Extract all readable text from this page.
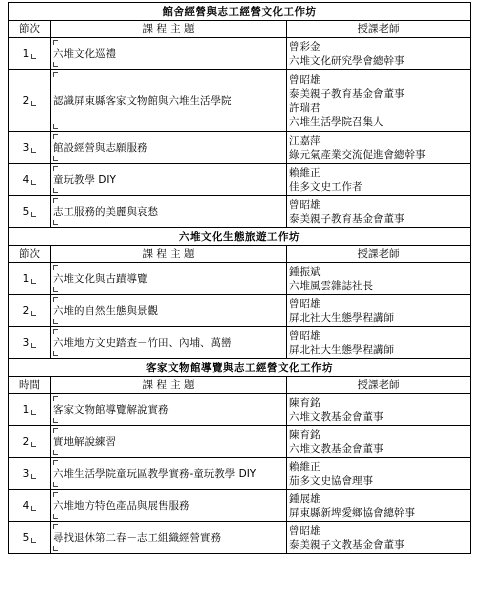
館舍經營與志工經營文化工作坊		
節次	課 程 主 題	授課老師
1	六堆文化巡禮	曾彩金
六堆文化研究學會總幹事

2	認識屏東縣客家文物館與六堆生活學院	曾昭雄
泰美親子教育基金會董事
許瑞君
六堆生活學院召集人

3	館設經營與志願服務	江嘉萍
綠元氣產業交流促進會總幹事

4	童玩教學 DIY	賴維正
佳多文史工作者

5	志工服務的美麗與哀愁	曾昭雄
泰美親子教育基金會董事

六堆文化生態旅遊工作坊		
節次	課 程 主 題	授課老師
1	六堆文化與古蹟導覽	鍾振斌
六堆風雲雜誌社長

2	六堆的自然生態與景觀	曾昭雄
屏北社大生態學程講師

3	六堆地方文史踏查－竹田、內埔、萬巒	曾昭雄
屏北社大生態學程講師

客家文物館導覽與志工經營文化工作坊		
時間	課 程 主 題	授課老師
1	客家文物館導覽解說實務	陳育銘
六堆文教基金會董事

2	實地解說練習	陳育銘
六堆文教基金會董事

3	六堆生活學院童玩區教學實務-童玩教學 DIY	賴維正
茄多文史協會理事

4	六堆地方特色產品與展售服務	鍾展雄
屏東縣新埤愛鄉協會總幹事

5	尋找退休第二春－志工組織經營實務	曾昭雄
泰美親子文教基金會董事
